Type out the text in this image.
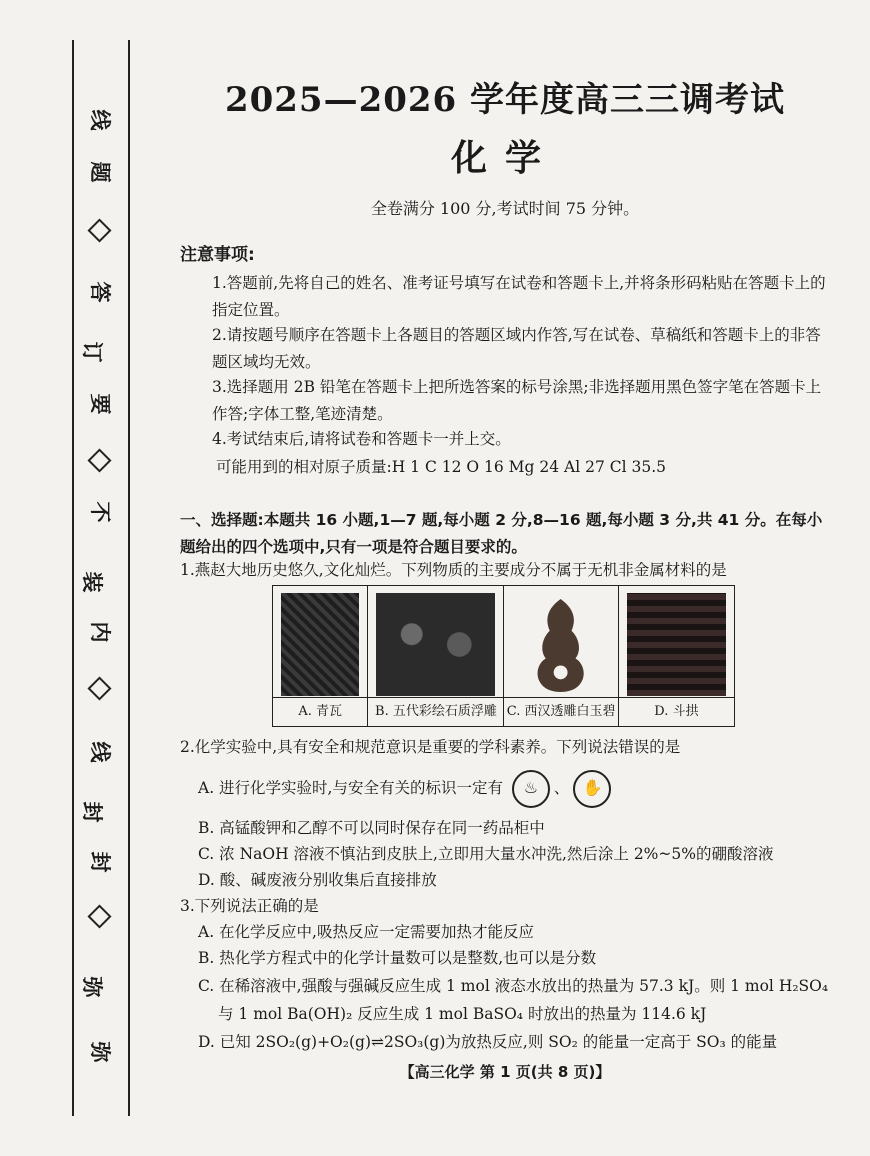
线
题
答
要
不
内
线
封
弥
订
装
封
弥
2025—2026 学年度高三三调考试
化学
全卷满分 100 分,考试时间 75 分钟。
注意事项:
1.答题前,先将自己的姓名、准考证号填写在试卷和答题卡上,并将条形码粘贴在答题卡上的指定位置。
2.请按题号顺序在答题卡上各题目的答题区域内作答,写在试卷、草稿纸和答题卡上的非答题区域均无效。
3.选择题用 2B 铅笔在答题卡上把所选答案的标号涂黑;非选择题用黑色签字笔在答题卡上作答;字体工整,笔迹清楚。
4.考试结束后,请将试卷和答题卡一并上交。
可能用到的相对原子质量:H 1 C 12 O 16 Mg 24 Al 27 Cl 35.5
一、选择题:本题共 16 小题,1—7 题,每小题 2 分,8—16 题,每小题 3 分,共 41 分。在每小题给出的四个选项中,只有一项是符合题目要求的。
1.燕赵大地历史悠久,文化灿烂。下列物质的主要成分不属于无机非金属材料的是
A. 青瓦	B. 五代彩绘石质浮雕 C. 西汉透雕白玉碧	D. 斗拱
2.化学实验中,具有安全和规范意识是重要的学科素养。下列说法错误的是
A. 进行化学实验时,与安全有关的标识一定有 ♨ 、 ✋
B. 高锰酸钾和乙醇不可以同时保存在同一药品柜中
C. 浓 NaOH 溶液不慎沾到皮肤上,立即用大量水冲洗,然后涂上 2%~5%的硼酸溶液
D. 酸、碱废液分别收集后直接排放
3.下列说法正确的是
A. 在化学反应中,吸热反应一定需要加热才能反应
B. 热化学方程式中的化学计量数可以是整数,也可以是分数
C. 在稀溶液中,强酸与强碱反应生成 1 mol 液态水放出的热量为 57.3 kJ。则 1 mol H₂SO₄
与 1 mol Ba(OH)₂ 反应生成 1 mol BaSO₄ 时放出的热量为 114.6 kJ
D. 已知 2SO₂(g)+O₂(g)⇌2SO₃(g)为放热反应,则 SO₂ 的能量一定高于 SO₃ 的能量
【高三化学 第 1 页(共 8 页)】
